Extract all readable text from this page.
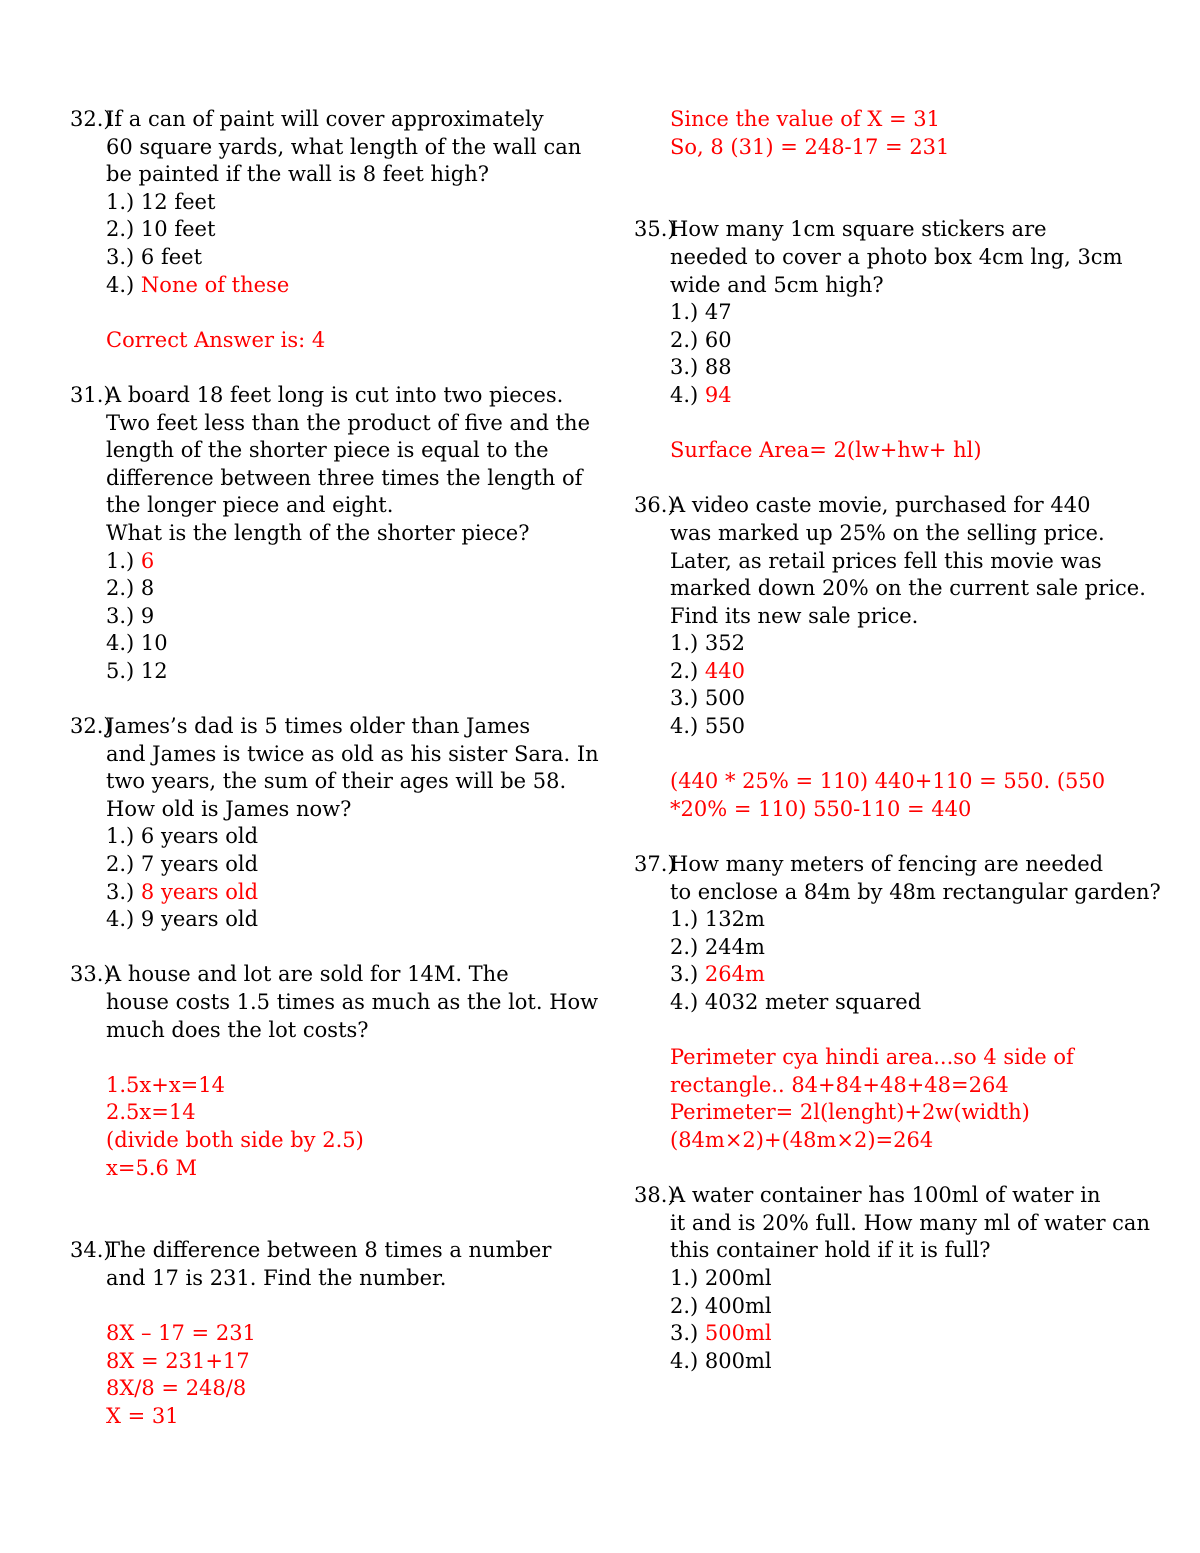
32.)If a can of paint will cover approximately
60 square yards, what length of the wall can
be painted if the wall is 8 feet high?
1.) 12 feet
2.) 10 feet
3.) 6 feet
4.) None of these
Correct Answer is: 4
31.)A board 18 feet long is cut into two pieces.
Two feet less than the product of five and the
length of the shorter piece is equal to the
difference between three times the length of
the longer piece and eight.
What is the length of the shorter piece?
1.) 6
2.) 8
3.) 9
4.) 10
5.) 12
32.)James’s dad is 5 times older than James
and James is twice as old as his sister Sara. In
two years, the sum of their ages will be 58.
How old is James now?
1.) 6 years old
2.) 7 years old
3.) 8 years old
4.) 9 years old
33.)A house and lot are sold for 14M. The
house costs 1.5 times as much as the lot. How
much does the lot costs?
1.5x+x=14
2.5x=14
(divide both side by 2.5)
x=5.6 M
34.)The difference between 8 times a number
and 17 is 231. Find the number.
8X – 17 = 231
8X = 231+17
8X/8 = 248/8
X = 31
Since the value of X = 31
So, 8 (31) = 248-17 = 231
35.)How many 1cm square stickers are
needed to cover a photo box 4cm lng, 3cm
wide and 5cm high?
1.) 47
2.) 60
3.) 88
4.) 94
Surface Area= 2(lw+hw+ hl)
36.)A video caste movie, purchased for 440
was marked up 25% on the selling price.
Later, as retail prices fell this movie was
marked down 20% on the current sale price.
Find its new sale price.
1.) 352
2.) 440
3.) 500
4.) 550
(440 * 25% = 110) 440+110 = 550. (550
*20% = 110) 550-110 = 440
37.)How many meters of fencing are needed
to enclose a 84m by 48m rectangular garden?
1.) 132m
2.) 244m
3.) 264m
4.) 4032 meter squared
Perimeter cya hindi area...so 4 side of
rectangle.. 84+84+48+48=264
Perimeter= 2l(lenght)+2w(width)
(84m×2)+(48m×2)=264
38.)A water container has 100ml of water in
it and is 20% full. How many ml of water can
this container hold if it is full?
1.) 200ml
2.) 400ml
3.) 500ml
4.) 800ml
